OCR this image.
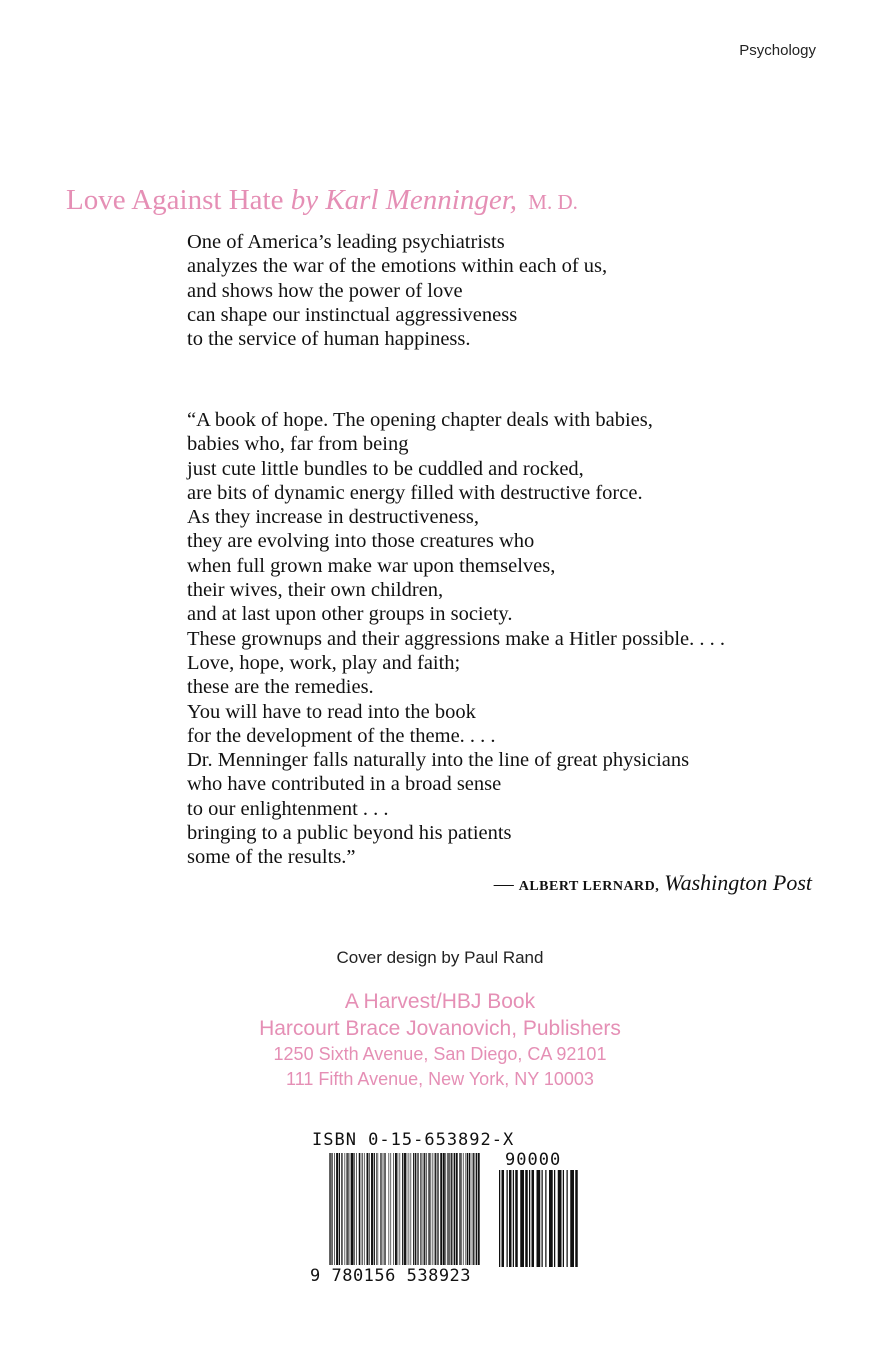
Psychology
Love Against Hate by Karl Menninger, M. D.
One of America’s leading psychiatrists
analyzes the war of the emotions within each of us,
and shows how the power of love
can shape our instinctual aggressiveness
to the service of human happiness.
“A book of hope. The opening chapter deals with babies,
babies who, far from being
just cute little bundles to be cuddled and rocked,
are bits of dynamic energy filled with destructive force.
As they increase in destructiveness,
they are evolving into those creatures who
when full grown make war upon themselves,
their wives, their own children,
and at last upon other groups in society.
These grownups and their aggressions make a Hitler possible. . . .
Love, hope, work, play and faith;
these are the remedies.
You will have to read into the book
for the development of the theme. . . .
Dr. Menninger falls naturally into the line of great physicians
who have contributed in a broad sense
to our enlightenment . . .
bringing to a public beyond his patients
some of the results.”
— ALBERT LERNARD, Washington Post
Cover design by Paul Rand
A Harvest/HBJ Book
Harcourt Brace Jovanovich, Publishers
1250 Sixth Avenue, San Diego, CA 92101
111 Fifth Avenue, New York, NY 10003
ISBN 0-15-653892-X
90000
9 780156 538923
